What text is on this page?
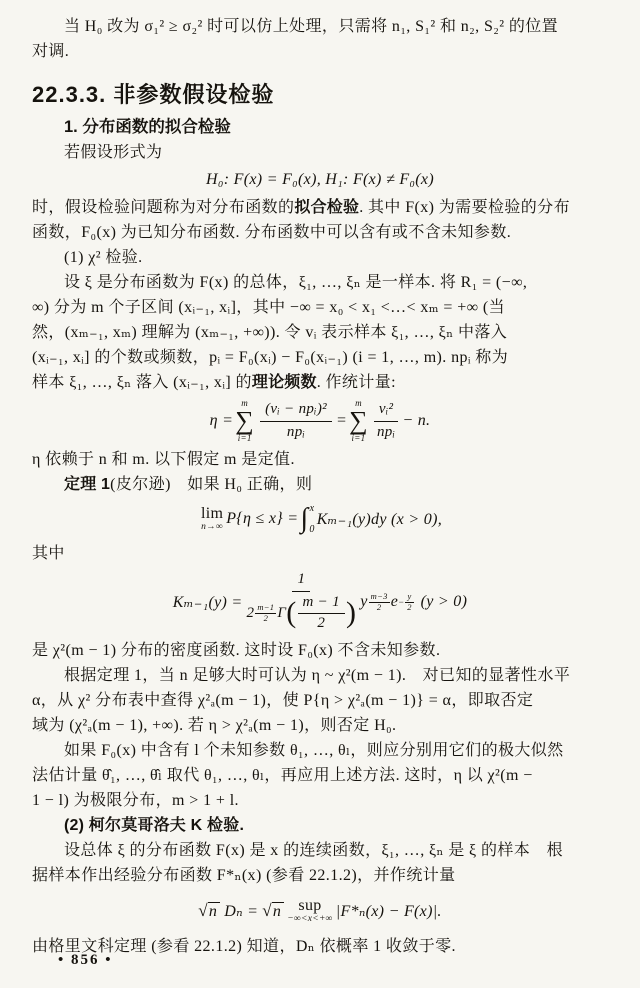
当 H₀ 改为 σ₁² ≥ σ₂² 时可以仿上处理，只需将 n₁, S₁² 和 n₂, S₂² 的位置

对调.

22.3.3. 非参数假设检验
1. 分布函数的拟合检验

若假设形式为

H₀: F(x) = F₀(x), H₁: F(x) ≠ F₀(x)

时，假设检验问题称为对分布函数的拟合检验. 其中 F(x) 为需要检验的分布

函数，F₀(x) 为已知分布函数. 分布函数中可以含有或不含未知参数.

(1) χ² 检验.

设 ξ 是分布函数为 F(x) 的总体，ξ₁, …, ξₙ 是一样本. 将 R₁ = (−∞,

∞) 分为 m 个子区间 (xᵢ₋₁, xᵢ]，其中 −∞ = x₀ < x₁ <…< xₘ = +∞ (当

然，(xₘ₋₁, xₘ) 理解为 (xₘ₋₁, +∞)). 令 vᵢ 表示样本 ξ₁, …, ξₙ 中落入

(xᵢ₋₁, xᵢ] 的个数或频数，pᵢ = F₀(xᵢ) − F₀(xᵢ₋₁) (i = 1, …, m). npᵢ 称为

样本 ξ₁, …, ξₙ 落入 (xᵢ₋₁, xᵢ] 的理论频数. 作统计量:

η =
m
∑
$i=1 \frac{\text{(vᵢ − npᵢ)²}}{\text{npᵢ}}$ =
m
∑
$i=1 \frac{\text{vᵢ²}}{\text{npᵢ}} - n$.

η 依赖于 n 和 m. 以下假定 m 是定值.

定理 1(皮尔逊)　如果 H₀ 正确，则

lim
n→∞ P{η ≤ x} = ∫ x
0
Kₘ₋₁(y)dy (x > 0),

其中

Kₘ₋₁(y) = 1
2 m−1
2 Γ ( $\frac{m - 1}{2}$ ) y m−3
2 $e - \frac{y}{2} (y > 0)$

是 χ²(m − 1) 分布的密度函数. 这时设 F₀(x) 不含未知参数.

根据定理 1，当 n 足够大时可认为 η ~ χ²(m − 1).　对已知的显著性水平

α，从 χ² 分布表中查得 χ²ₐ(m − 1)，使 P{η > χ²ₐ(m − 1)} = α，即取否定

域为 (χ²ₐ(m − 1), +∞). 若 η > χ²ₐ(m − 1)，则否定 H₀.

如果 F₀(x) 中含有 l 个未知参数 θ₁, …, θₗ，则应分别用它们的极大似然

法估计量 θ̂₁, …, θ̂ₗ 取代 θ₁, …, θₗ，再应用上述方法. 这时，η 以 χ²(m −

1 − l) 为极限分布，m > 1 + l.

(2) 柯尔莫哥洛夫 K 检验.

设总体 ξ 的分布函数 F(x) 是 x 的连续函数，ξ₁, …, ξₙ 是 ξ 的样本　根

据样本作出经验分布函数 F*ₙ(x) (参看 22.1.2)，并作统计量

√ n Dₙ = √ n sup
−∞<x<+∞ |F*ₙ(x) − F(x)|.

由格里文科定理 (参看 22.1.2) 知道，Dₙ 依概率 1 收敛于零.

• 856 •
